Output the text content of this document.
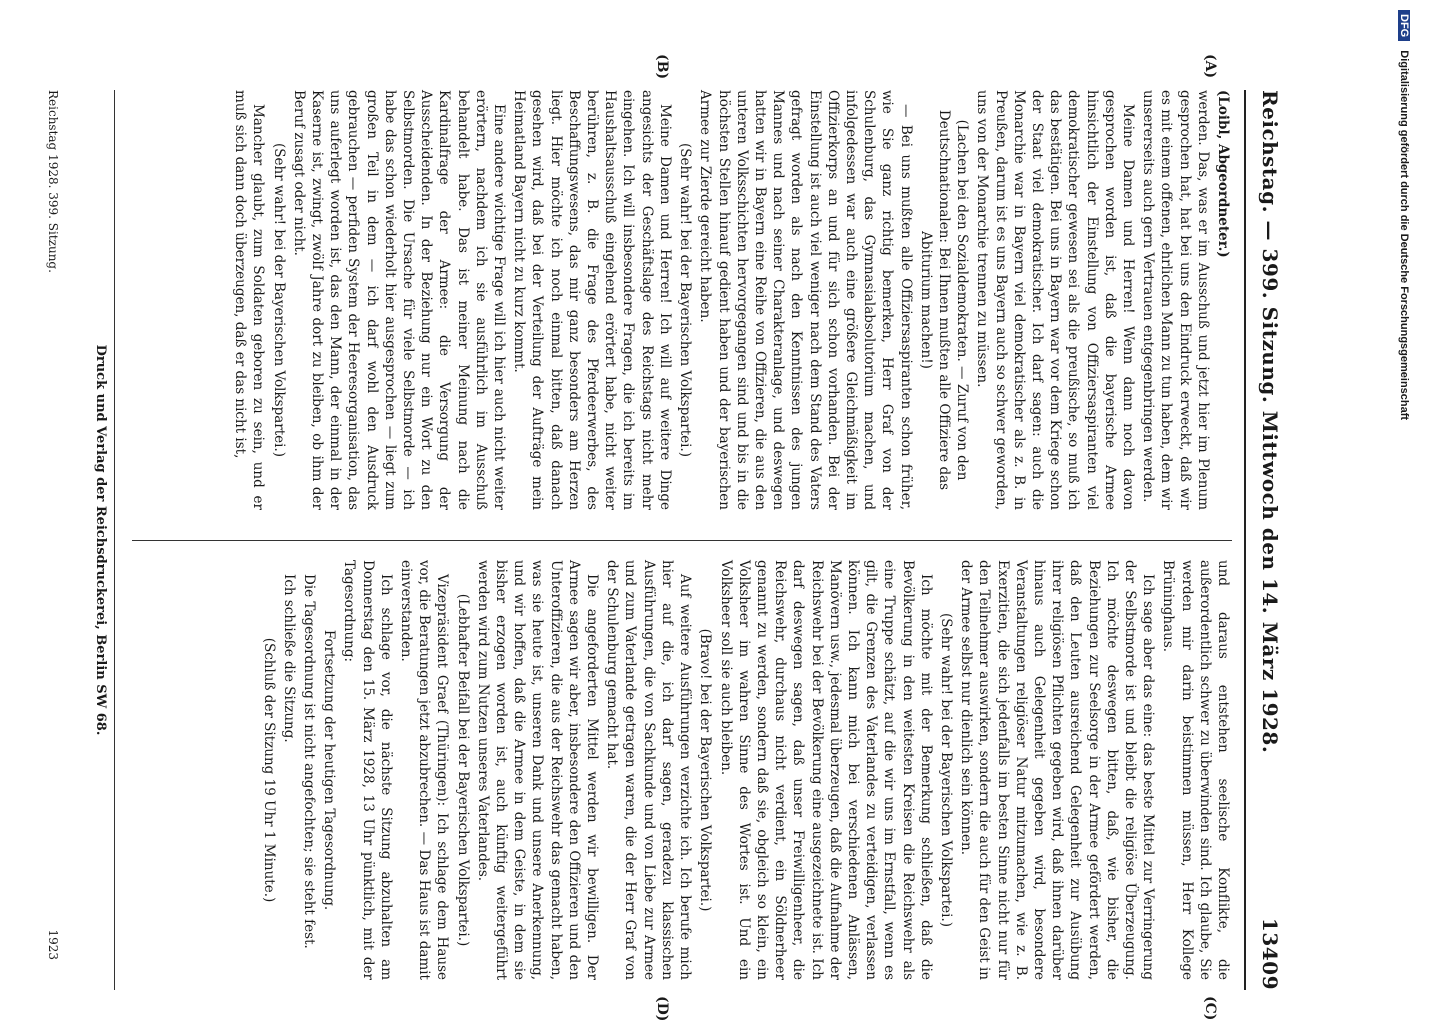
DFG Digitalisierung gefördert durch die Deutsche Forschungsgemeinschaft
Reichstag. — 399. Sitzung. Mittwoch den 14. März 1928.
13409
(A)
(B)
(C)
(D)

(Loibl, Abgeordneter.)

werden. Das, was er im Ausschuß und jetzt hier im Plenum gesprochen hat, hat bei uns den Eindruck erweckt, daß wir es mit einem offenen, ehrlichen Mann zu tun haben, dem wir unsererseits auch gern Vertrauen entgegenbringen werden.

Meine Damen und Herren! Wenn dann noch davon gesprochen worden ist, daß die bayerische Armee hinsichtlich der Einstellung von Offiziersaspiranten viel demokratischer gewesen sei als die preußische, so muß ich das bestätigen. Bei uns in Bayern war vor dem Kriege schon der Staat viel demokratischer. Ich darf sagen: auch die Monarchie war in Bayern viel demokratischer als z. B. in Preußen, darum ist es uns Bayern auch so schwer geworden, uns von der Monarchie trennen zu müssen.

(Lachen bei den Sozialdemokraten. — Zuruf von den Deutschnationalen: Bei Ihnen mußten alle Offiziere das Abiturium machen!)

— Bei uns mußten alle Offiziersaspiranten schon früher, wie Sie ganz richtig bemerken, Herr Graf von der Schulenburg, das Gymnasialabsolutorium machen, und infolgedessen war auch eine größere Gleichmäßigkeit im Offizierkorps an und für sich schon vorhanden. Bei der Einstellung ist auch viel weniger nach dem Stand des Vaters gefragt worden als nach den Kenntnissen des jungen Mannes und nach seiner Charakteranlage, und deswegen hatten wir in Bayern eine Reihe von Offizieren, die aus den unteren Volksschichten hervorgegangen sind und bis in die höchsten Stellen hinauf gedient haben und der bayerischen Armee zur Zierde gereicht haben.

(Sehr wahr! bei der Bayerischen Volkspartei.)

Meine Damen und Herren! Ich will auf weitere Dinge angesichts der Geschäftslage des Reichstags nicht mehr eingehen. Ich will insbesondere Fragen, die ich bereits im Haushaltsausschuß eingehend erörtert habe, nicht weiter berühren, z. B. die Frage des Pferdeerwerbes, des Beschaffungswesens, das mir ganz besonders am Herzen liegt. Hier möchte ich noch einmal bitten, daß danach gesehen wird, daß bei der Verteilung der Aufträge mein Heimatland Bayern nicht zu kurz kommt.

Eine andere wichtige Frage will ich hier auch nicht weiter erörtern, nachdem ich sie ausführlich im Ausschuß behandelt habe. Das ist meiner Meinung nach die Kardinalfrage der Armee: die Versorgung der Ausscheidenden. In der Beziehung nur ein Wort zu den Selbstmorden. Die Ursache für viele Selbstmorde — ich habe das schon wiederholt hier ausgesprochen — liegt zum großen Teil in dem — ich darf wohl den Ausdruck gebrauchen — perfiden System der Heeresorganisation, das uns auferlegt worden ist, das den Mann, der einmal in der Kaserne ist, zwingt, zwölf Jahre dort zu bleiben, ob ihm der Beruf zusagt oder nicht.

(Sehr wahr! bei der Bayerischen Volkspartei.)

Mancher glaubt, zum Soldaten geboren zu sein, und er muß sich dann doch überzeugen, daß er das nicht ist,

und daraus entstehen seelische Konflikte, die außerordentlich schwer zu überwinden sind. Ich glaube, Sie werden mir darin beistimmen müssen, Herr Kollege Brüninghaus.

Ich sage aber das eine: das beste Mittel zur Verringerung der Selbstmorde ist und bleibt die religiöse Überzeugung. Ich möchte deswegen bitten, daß, wie bisher, die Beziehungen zur Seelsorge in der Armee gefördert werden, daß den Leuten ausreichend Gelegenheit zur Ausübung ihrer religiösen Pflichten gegeben wird, daß ihnen darüber hinaus auch Gelegenheit gegeben wird, besondere Veranstaltungen religiöser Natur mitzumachen, wie z. B. Exerzitien, die sich jedenfalls im besten Sinne nicht nur für den Teilnehmer auswirken, sondern die auch für den Geist in der Armee selbst nur dienlich sein können.

(Sehr wahr! bei der Bayerischen Volkspartei.)

Ich möchte mit der Bemerkung schließen, daß die Bevölkerung in den weitesten Kreisen die Reichswehr als eine Truppe schätzt, auf die wir uns im Ernstfall, wenn es gilt, die Grenzen des Vaterlandes zu verteidigen, verlassen können. Ich kann mich bei verschiedenen Anlässen, Manövern usw., jedesmal überzeugen, daß die Aufnahme der Reichswehr bei der Bevölkerung eine ausgezeichnete ist. Ich darf deswegen sagen, daß unser Freiwilligenheer, die Reichswehr, durchaus nicht verdient, ein Söldnerheer genannt zu werden, sondern daß sie, obgleich so klein, ein Volksheer im wahren Sinne des Wortes ist. Und ein Volksheer soll sie auch bleiben.

(Bravo! bei der Bayerischen Volkspartei.)

Auf weitere Ausführungen verzichte ich. Ich berufe mich hier auf die, ich darf sagen, geradezu klassischen Ausführungen, die von Sachkunde und von Liebe zur Armee und zum Vaterlande getragen waren, die der Herr Graf von der Schulenburg gemacht hat.

Die angeforderten Mittel werden wir bewilligen. Der Armee sagen wir aber, insbesondere den Offizieren und den Unteroffizieren, die aus der Reichswehr das gemacht haben, was sie heute ist, unseren Dank und unsere Anerkennung, und wir hoffen, daß die Armee in dem Geiste, in dem sie bisher erzogen worden ist, auch künftig weitergeführt werden wird zum Nutzen unseres Vaterlandes.

(Lebhafter Beifall bei der Bayerischen Volkspartei.)

Vizepräsident Graef (Thüringen): Ich schlage dem Hause vor, die Beratungen jetzt abzubrechen. — Das Haus ist damit einverstanden.

Ich schlage vor, die nächste Sitzung abzuhalten am Donnerstag den 15. März 1928, 13 Uhr pünktlich, mit der Tagesordnung:

Fortsetzung der heutigen Tagesordnung.

Die Tagesordnung ist nicht angefochten; sie steht fest.

Ich schließe die Sitzung.

(Schluß der Sitzung 19 Uhr 1 Minute.)

Druck und Verlag der Reichsdruckerei, Berlin SW 68.
Reichstag 1928. 399. Sitzung.
1923
